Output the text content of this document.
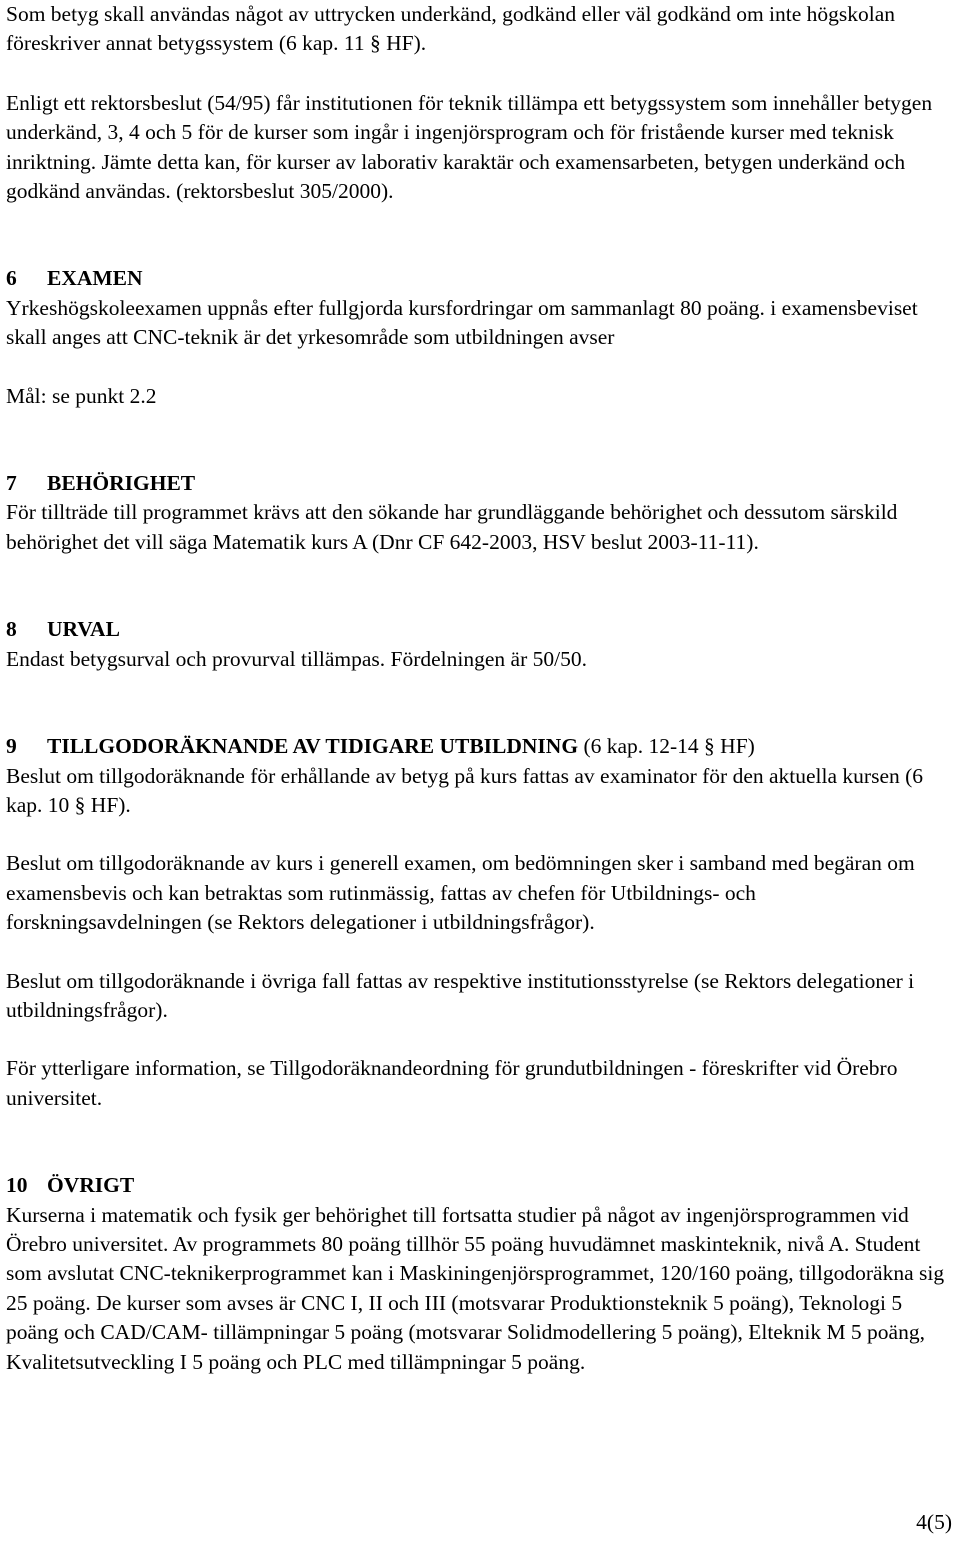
Som betyg skall användas något av uttrycken underkänd, godkänd eller väl godkänd om inte högskolan föreskriver annat betygssystem (6 kap. 11 § HF).

Enligt ett rektorsbeslut (54/95) får institutionen för teknik tillämpa ett betygssystem som innehåller betygen underkänd, 3, 4 och 5 för de kurser som ingår i ingenjörsprogram och för fristående kurser med teknisk inriktning. Jämte detta kan, för kurser av laborativ karaktär och examensarbeten, betygen underkänd och godkänd användas. (rektorsbeslut 305/2000).

6 EXAMEN

Yrkeshögskoleexamen uppnås efter fullgjorda kursfordringar om sammanlagt 80 poäng. i examensbeviset skall anges att CNC-teknik är det yrkesområde som utbildningen avser

Mål: se punkt 2.2

7 BEHÖRIGHET

För tillträde till programmet krävs att den sökande har grundläggande behörighet och dessutom särskild behörighet det vill säga Matematik kurs A (Dnr CF 642-2003, HSV beslut 2003-11-11).

8 URVAL

Endast betygsurval och provurval tillämpas. Fördelningen är 50/50.

9 TILLGODORÄKNANDE AV TIDIGARE UTBILDNING (6 kap. 12-14 § HF)

Beslut om tillgodoräknande för erhållande av betyg på kurs fattas av examinator för den aktuella kursen (6 kap. 10 § HF).

Beslut om tillgodoräknande av kurs i generell examen, om bedömningen sker i samband med begäran om examensbevis och kan betraktas som rutinmässig, fattas av chefen för Utbildnings- och forskningsavdelningen (se Rektors delegationer i utbildningsfrågor).

Beslut om tillgodoräknande i övriga fall fattas av respektive institutionsstyrelse (se Rektors delegationer i utbildningsfrågor).

För ytterligare information, se Tillgodoräknandeordning för grundutbildningen - föreskrifter vid Örebro universitet.

10 ÖVRIGT

Kurserna i matematik och fysik ger behörighet till fortsatta studier på något av ingenjörsprogrammen vid Örebro universitet. Av programmets 80 poäng tillhör 55 poäng huvudämnet maskinteknik, nivå A. Student som avslutat CNC-teknikerprogrammet kan i Maskiningenjörsprogrammet, 120/160 poäng, tillgodoräkna sig 25 poäng. De kurser som avses är CNC I, II och III (motsvarar Produktionsteknik 5 poäng), Teknologi 5 poäng och CAD/CAM- tillämpningar 5 poäng (motsvarar Solidmodellering 5 poäng), Elteknik M 5 poäng, Kvalitetsutveckling I 5 poäng och PLC med tillämpningar 5 poäng.

4(5)
